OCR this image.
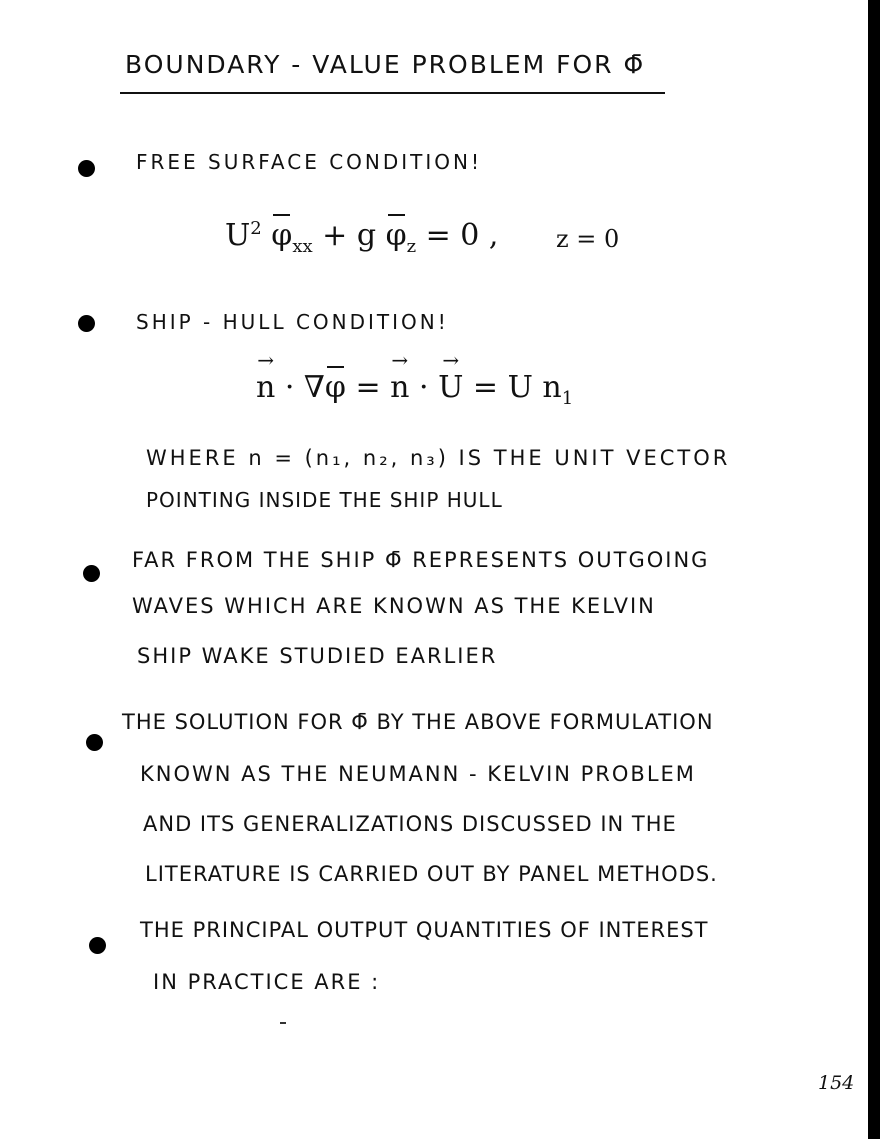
BOUNDARY - VALUE PROBLEM FOR Φ̄
FREE SURFACE CONDITION!
$U^2$ $\varphi_{xx} + g$ $\varphi_z = 0$ , z = 0
SHIP - HULL CONDITION!
→ n · ∇φ = → n · → U = U $n_1$
WHERE n = (n₁, n₂, n₃) IS THE UNIT VECTOR
POINTING INSIDE THE SHIP HULL
FAR FROM THE SHIP Φ̄ REPRESENTS OUTGOING
WAVES WHICH ARE KNOWN AS THE KELVIN
SHIP WAKE STUDIED EARLIER
THE SOLUTION FOR Φ̄ BY THE ABOVE FORMULATION
KNOWN AS THE NEUMANN - KELVIN PROBLEM
AND ITS GENERALIZATIONS DISCUSSED IN THE
LITERATURE IS CARRIED OUT BY PANEL METHODS.
THE PRINCIPAL OUTPUT QUANTITIES OF INTEREST
IN PRACTICE ARE :
154
